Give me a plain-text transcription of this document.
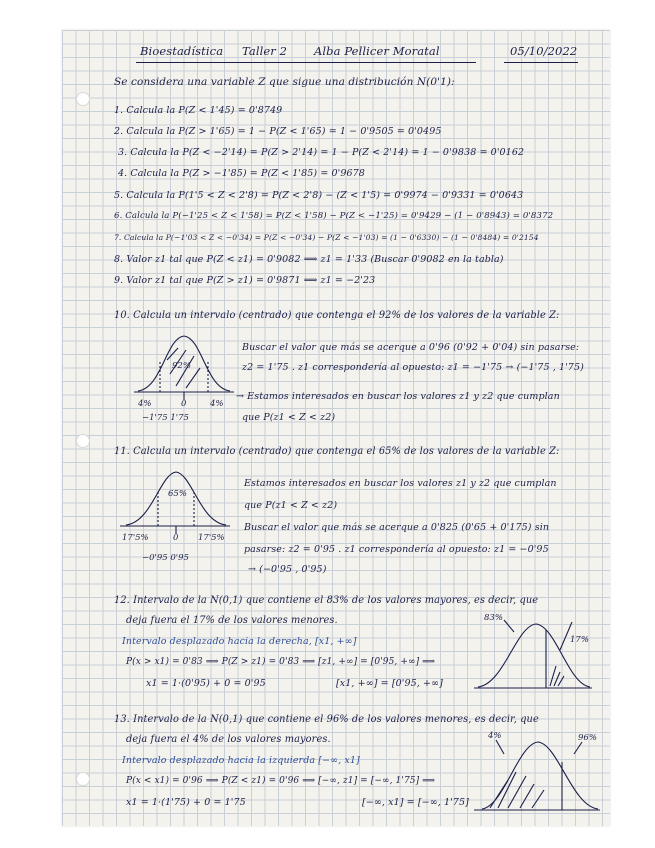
Bioestadística Taller 2 Alba Pellicer Moratal	05/10/2022
Se considera una variable Z que sigue una distribución N(0'1):
1. Calcula la P(Z < 1'45) = 0'8749
2. Calcula la P(Z > 1'65) = 1 − P(Z < 1'65) = 1 − 0'9505 = 0'0495
3. Calcula la P(Z < −2'14) = P(Z > 2'14) = 1 − P(Z < 2'14) = 1 − 0'9838 = 0'0162
4. Calcula la P(Z > −1'85) = P(Z < 1'85) = 0'9678
5. Calcula la P(1'5 < Z < 2'8) = P(Z < 2'8) − (Z < 1'5) = 0'9974 − 0'9331 = 0'0643
6. Calcula la P(−1'25 < Z < 1'58) = P(Z < 1'58) − P(Z < −1'25) = 0'9429 − (1 − 0'8943) = 0'8372
7. Calcula la P(−1'03 < Z < −0'34) = P(Z < −0'34) − P(Z < −1'03) = (1 − 0'6330) − (1 − 0'8484) = 0'2154
8. Valor z1 tal que P(Z < z1) = 0'9082 ⟹ z1 = 1'33 (Buscar 0'9082 en la tabla)
9. Valor z1 tal que P(Z > z1) = 0'9871 ⟹ z1 = −2'23
10. Calcula un intervalo (centrado) que contenga el 92% de los valores de la variable Z:
92%
4%	0	4%
−1'75 1'75
Buscar el valor que más se acerque a 0'96 (0'92 + 0'04) sin pasarse:
z2 = 1'75 . z1 correspondería al opuesto: z1 = −1'75 → (−1'75 , 1'75)
→ Estamos interesados en buscar los valores z1 y z2 que cumplan
que P(z1 < Z < z2)
11. Calcula un intervalo (centrado) que contenga el 65% de los valores de la variable Z:
65%
17'5%	0 17'5%
−0'95 0'95
Estamos interesados en buscar los valores z1 y z2 que cumplan
que P(z1 < Z < z2)
Buscar el valor que más se acerque a 0'825 (0'65 + 0'175) sin
pasarse: z2 = 0'95 . z1 correspondería al opuesto: z1 = −0'95
→ (−0'95 , 0'95)
12. Intervalo de la N(0,1) que contiene el 83% de los valores mayores, es decir, que
deja fuera el 17% de los valores menores.
Intervalo desplazado hacia la derecha, [x1, +∞]
P(x > x1) = 0'83 ⟹ P(Z > z1) = 0'83 ⟹ [z1, +∞] = [0'95, +∞] ⟹
x1 = 1·(0'95) + 0 = 0'95	[x1, +∞] = [0'95, +∞]
83%
17%
13. Intervalo de la N(0,1) que contiene el 96% de los valores menores, es decir, que
deja fuera el 4% de los valores mayores.
Intervalo desplazado hacia la izquierda [−∞, x1]
P(x < x1) = 0'96 ⟹ P(Z < z1) = 0'96 ⟹ [−∞, z1] = [−∞, 1'75] ⟹
x1 = 1·(1'75) + 0 = 1'75	[−∞, x1] = [−∞, 1'75]
4%	96%
